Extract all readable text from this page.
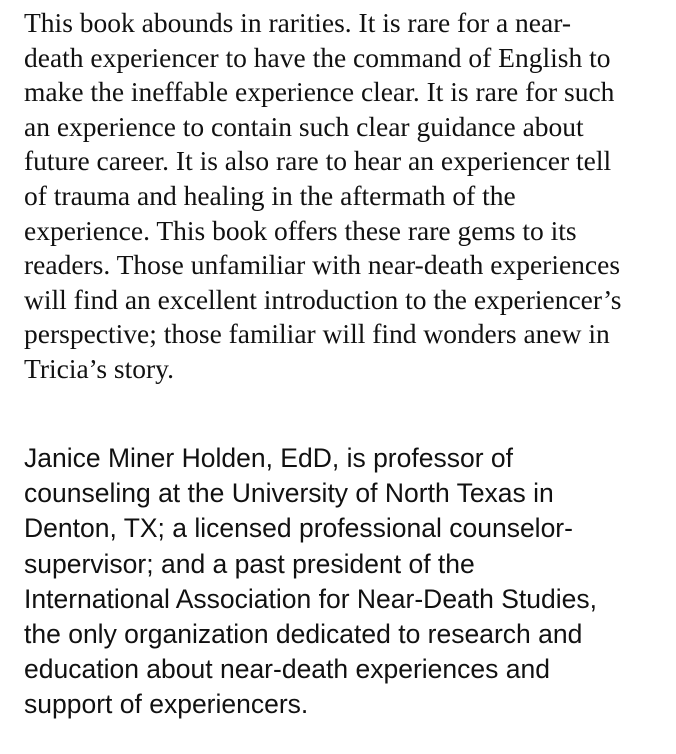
This book abounds in rarities. It is rare for a near-
death experiencer to have the command of English to
make the ineffable experience clear. It is rare for such
an experience to contain such clear guidance about
future career. It is also rare to hear an experiencer tell
of trauma and healing in the aftermath of the
experience. This book offers these rare gems to its
readers. Those unfamiliar with near-death experiences
will find an excellent introduction to the experiencer’s
perspective; those familiar will find wonders anew in
Tricia’s story.
Janice Miner Holden, EdD, is professor of
counseling at the University of North Texas in
Denton, TX; a licensed professional counselor-
supervisor; and a past president of the
International Association for Near-Death Studies,
the only organization dedicated to research and
education about near-death experiences and
support of experiencers.
